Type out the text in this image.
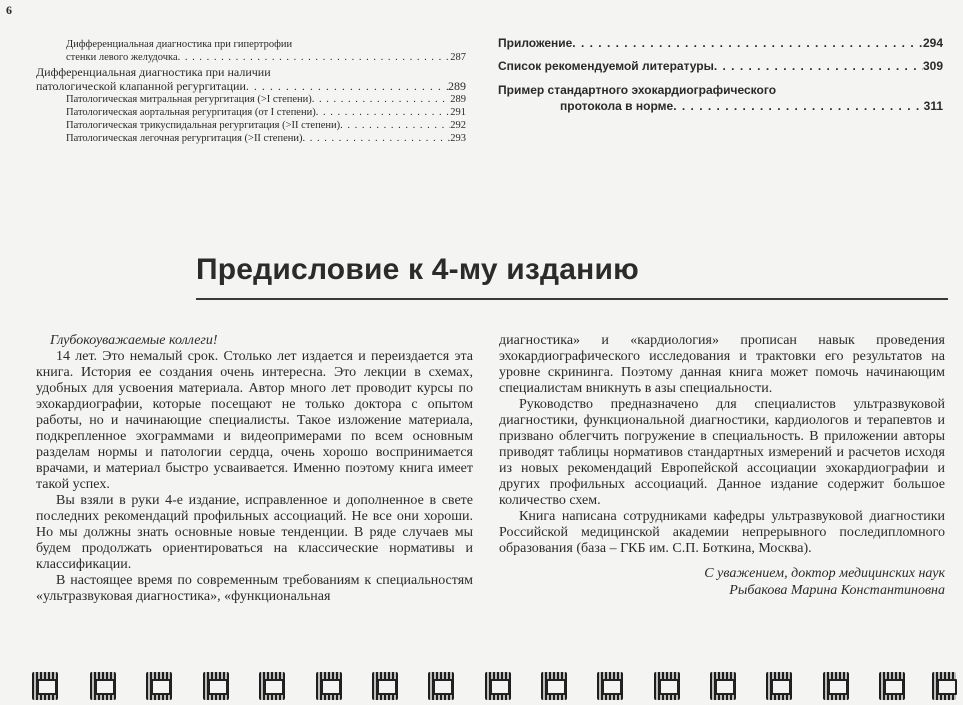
6
Дифференциальная диагностика при гипертрофии
стенки левого желудочка . . .	287
Дифференциальная диагностика при наличии
патологической клапанной регургитации . . .	289
Патологическая митральная регургитация (>I степени) . . .	289
Патологическая аортальная регургитация (от I степени) . . .	291
Патологическая трикуспидальная регургитация (>II степени) . . .	292
Патологическая легочная регургитация (>II степени) . . .	293
Приложение . . .	294
Список рекомендуемой литературы . . .	309
Пример стандартного эхокардиографического
протокола в норме . . .	311
Предисловие к 4-му изданию

Глубокоуважаемые коллеги!

14 лет. Это немалый срок. Столько лет издается и переиздается эта книга. История ее создания очень интересна. Это лекции в схемах, удобных для усвоения материала. Автор много лет проводит курсы по эхокардиографии, которые посещают не только доктора с опытом работы, но и начинающие специалисты. Такое изложение материала, подкрепленное эхограммами и видеопримерами по всем основным разделам нормы и патологии сердца, очень хорошо воспринимается врачами, и материал быстро усваивается. Именно поэтому книга имеет такой успех.

Вы взяли в руки 4-е издание, исправленное и дополненное в свете последних рекомендаций профильных ассоциаций. Не все они хороши. Но мы должны знать основные новые тенденции. В ряде случаев мы будем продолжать ориентироваться на классические нормативы и классификации.

В настоящее время по современным требованиям к специальностям «ультразвуковая диагностика», «функциональная

диагностика» и «кардиология» прописан навык проведения эхокардиографического исследования и трактовки его результатов на уровне скрининга. Поэтому данная книга может помочь начинающим специалистам вникнуть в азы специальности.

Руководство предназначено для специалистов ультразвуковой диагностики, функциональной диагностики, кардиологов и терапевтов и призвано облегчить погружение в специальность. В приложении авторы приводят таблицы нормативов стандартных измерений и расчетов исходя из новых рекомендаций Европейской ассоциации эхокардиографии и других профильных ассоциаций. Данное издание содержит большое количество схем.

Книга написана сотрудниками кафедры ультразвуковой диагностики Российской медицинской академии непрерывного последипломного образования (база – ГКБ им. С.П. Боткина, Москва).

С уважением, доктор медицинских наук
Рыбакова Марина Константиновна
